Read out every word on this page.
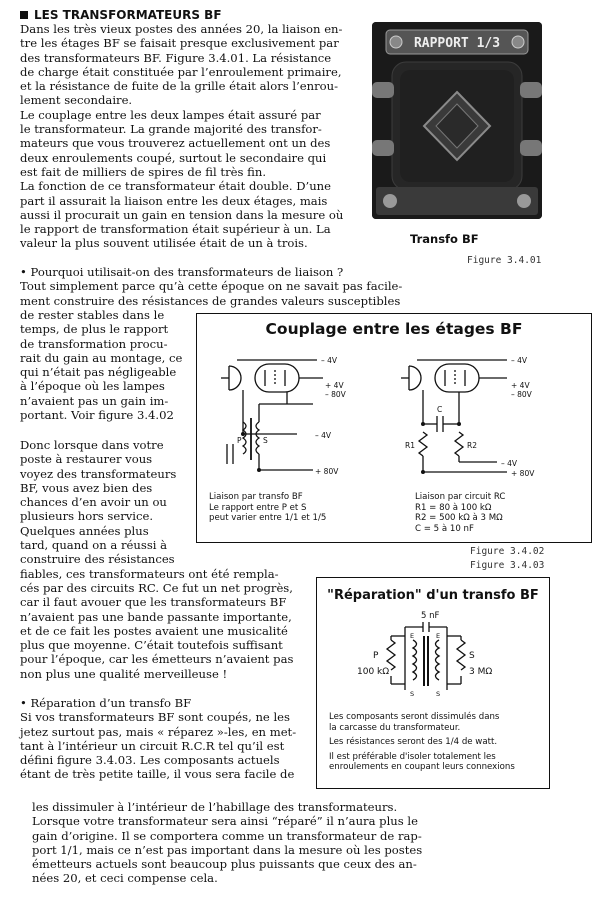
LES TRANSFORMATEURS BF
Dans les très vieux postes des années 20, la liaison en-
tre les étages BF se faisait presque exclusivement par
des transformateurs BF. Figure 3.4.01. La résistance
de charge était constituée par l’enroulement primaire,
et la résistance de fuite de la grille était alors l’enrou-
lement secondaire.
Le couplage entre les deux lampes était assuré par
le transformateur. La grande majorité des transfor-
mateurs que vous trouverez actuellement ont un des
deux enroulements coupé, surtout le secondaire qui
est fait de milliers de spires de fil très fin.
La fonction de ce transformateur était double. D’une
part il assurait la liaison entre les deux étages, mais
aussi il procurait un gain en tension dans la mesure où
le rapport de transformation était supérieur à un. La
valeur la plus souvent utilisée était de un à trois.
RAPPORT 1/3
Transfo BF
Figure 3.4.01
• Pourquoi utilisait-on des transformateurs de liaison ?
Tout simplement parce qu’à cette époque on ne savait pas facile-
ment construire des résistances de grandes valeurs susceptibles
de rester stables dans le
temps, de plus le rapport
de transformation procu-
rait du gain au montage, ce
qui n’était pas négligeable
à l’époque où les lampes
n’avaient pas un gain im-
portant. Voir figure 3.4.02
Donc lorsque dans votre
poste à restaurer vous
voyez des transformateurs
BF, vous avez bien des
chances d’en avoir un ou
plusieurs hors service.
Quelques années plus
tard, quand on a réussi à
construire des résistances
fiables, ces transformateurs ont été rempla-
cés par des circuits RC. Ce fut un net progrès,
car il faut avouer que les transformateurs BF
n’avaient pas une bande passante importante,
et de ce fait les postes avaient une musicalité
plus que moyenne. C’était toutefois suffisant
pour l’époque, car les émetteurs n’avaient pas
non plus une qualité merveilleuse !
• Réparation d’un transfo BF
Si vos transformateurs BF sont coupés, ne les
jetez surtout pas, mais « réparez »-les, en met-
tant à l’intérieur un circuit R.C.R tel qu’il est
défini figure 3.4.03. Les composants actuels
étant de très petite taille, il vous sera facile de
Couplage entre les étages BF
– 4V
+ 4V
– 80V
– 4V
+ 80V
P	S
– 4V
+ 4V
– 80V
– 4V
+ 80V
C
R1	R2
Liaison par transfo BF
Le rapport entre P et S
peut varier entre 1/1 et 1/5
Liaison par circuit RC
R1 = 80 à 100 kΩ
R2 = 500 kΩ à 3 MΩ
C = 5 à 10 nF
Figure 3.4.02
Figure 3.4.03
"Réparation" d'un transfo BF
5 nF
P
100 kΩ
S
3 MΩ
E	E
S	S
Les composants seront dissimulés dans
la carcasse du transformateur.
Les résistances seront des 1/4 de watt.
Il est préférable d'isoler totalement les
enroulements en coupant leurs connexions
les dissimuler à l’intérieur de l’habillage des transformateurs.
Lorsque votre transformateur sera ainsi “réparé” il n’aura plus le
gain d’origine. Il se comportera comme un transformateur de rap-
port 1/1, mais ce n’est pas important dans la mesure où les postes
émetteurs actuels sont beaucoup plus puissants que ceux des an-
nées 20, et ceci compense cela.
